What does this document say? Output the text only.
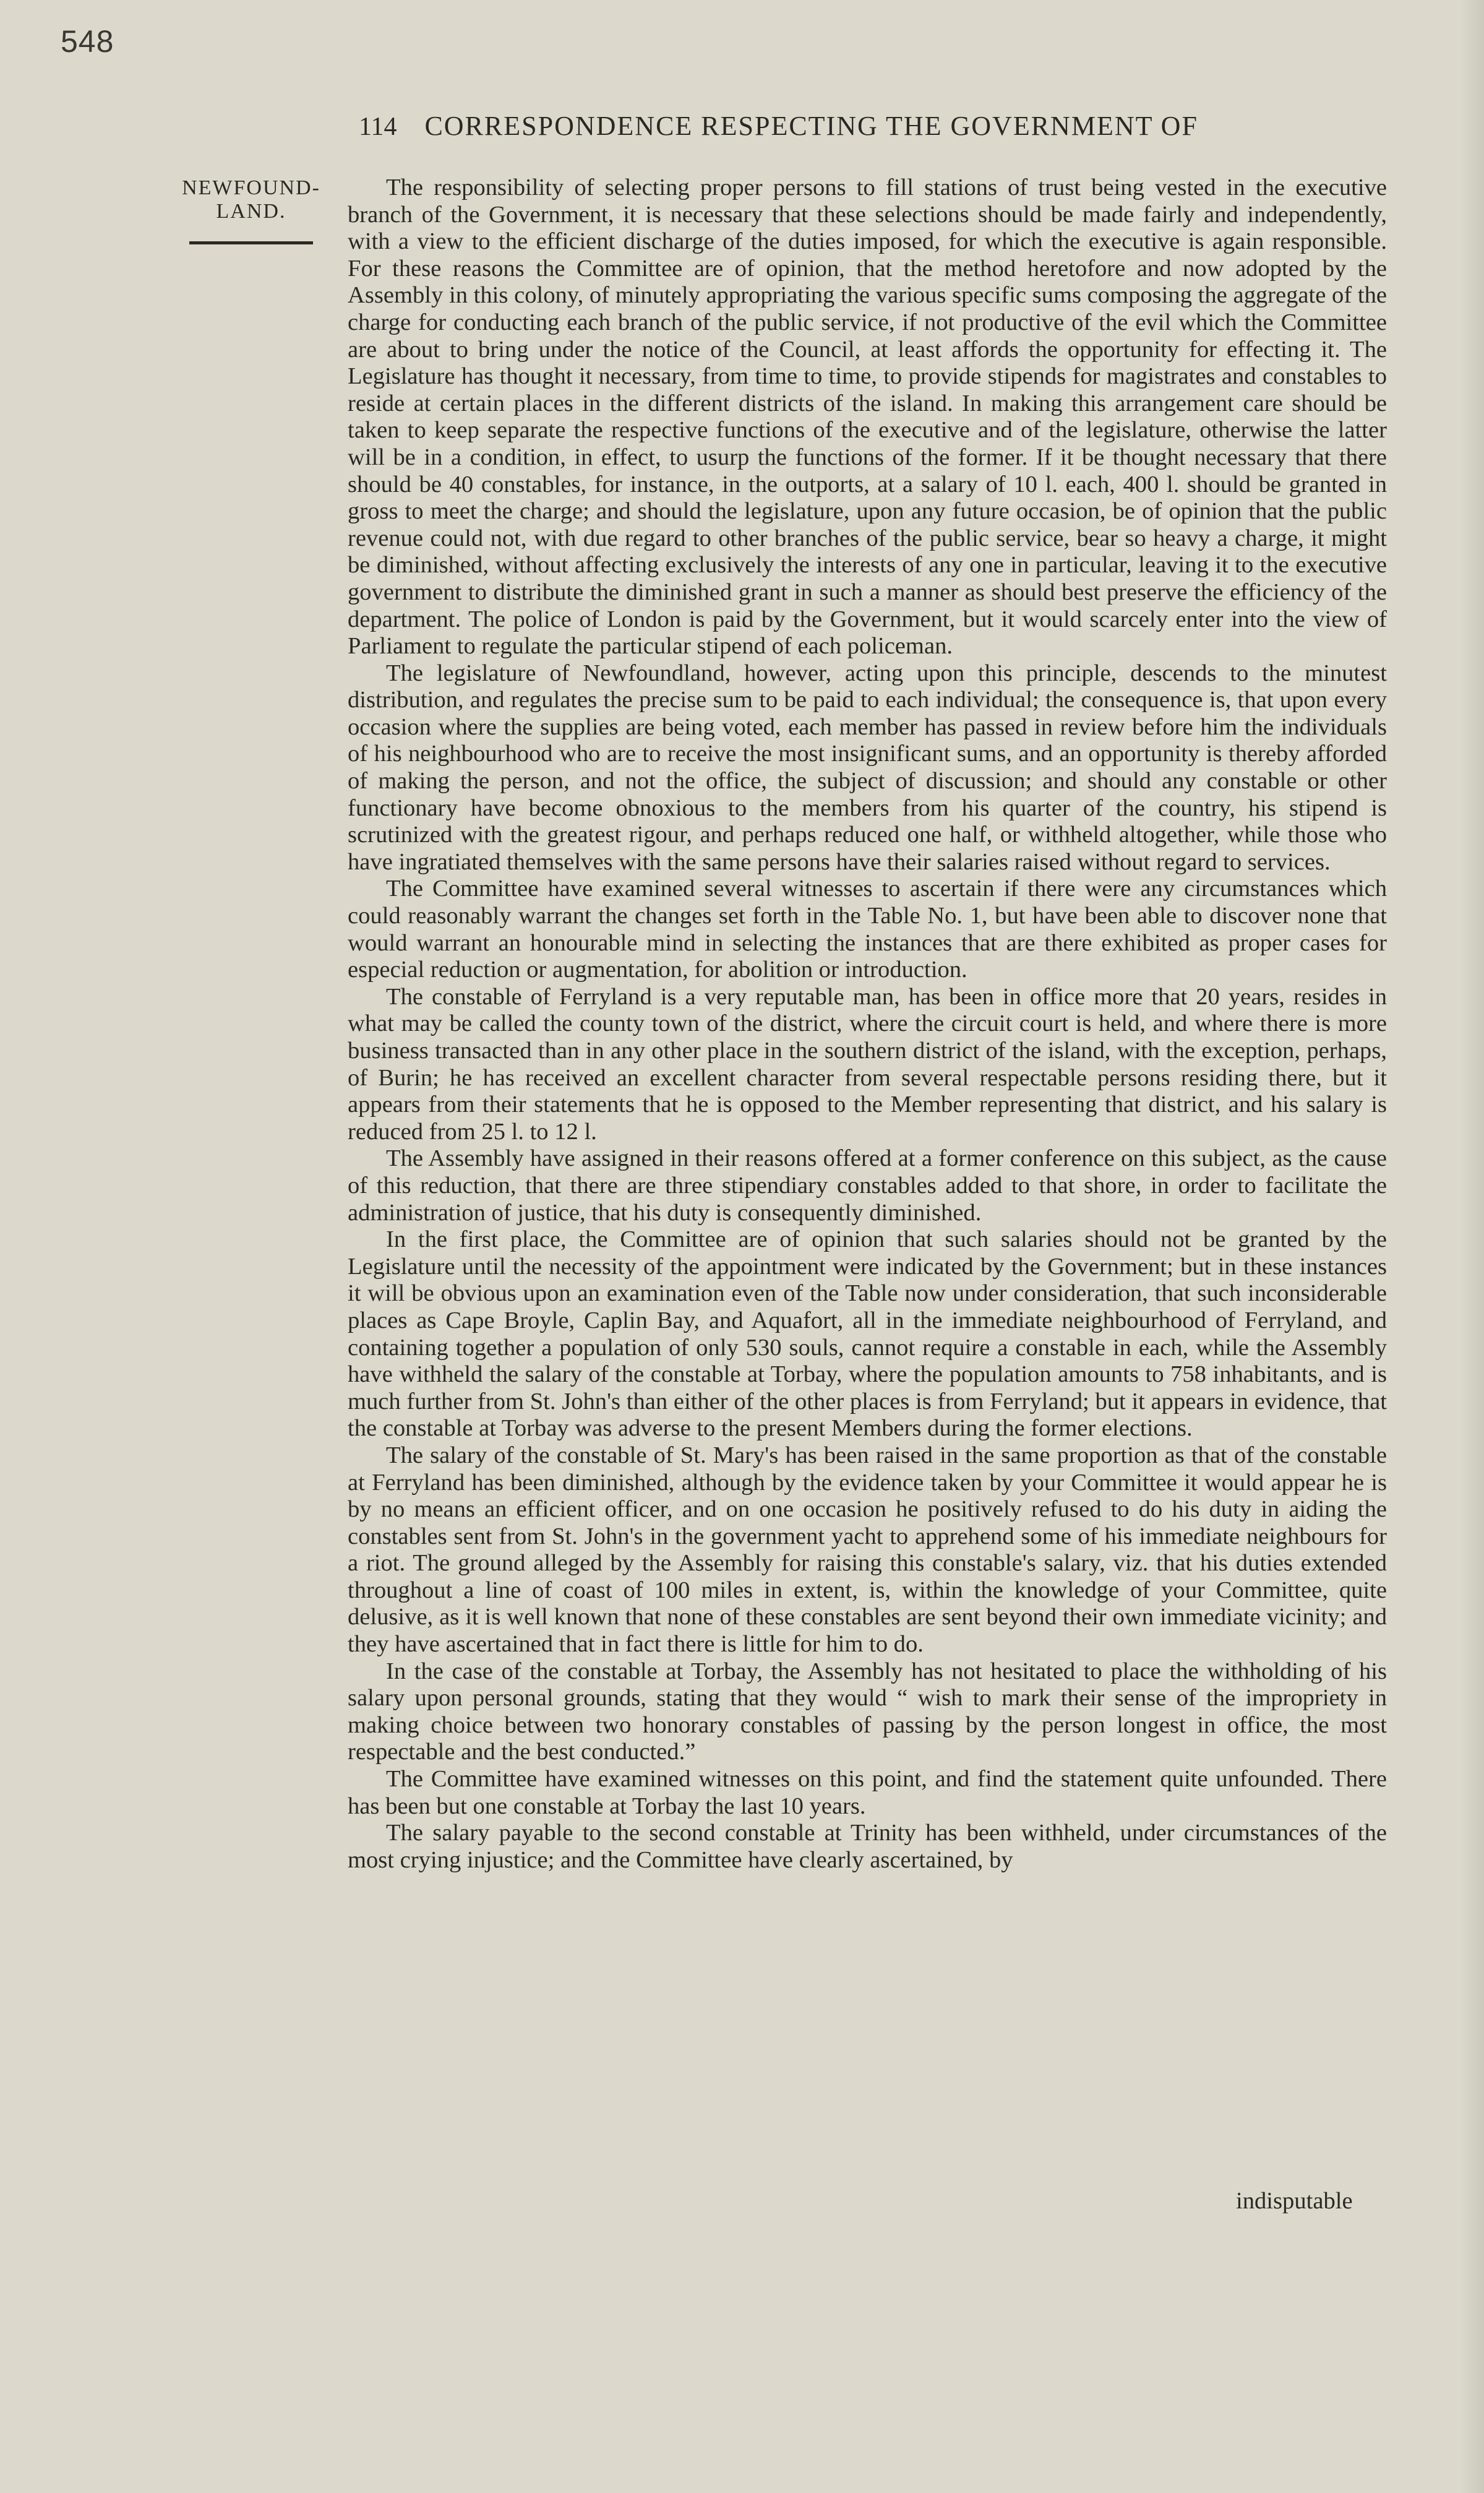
548
114 CORRESPONDENCE RESPECTING THE GOVERNMENT OF
NEWFOUND-
LAND.

The responsibility of selecting proper persons to fill stations of trust being vested in the executive branch of the Government, it is necessary that these selections should be made fairly and independently, with a view to the efficient discharge of the duties imposed, for which the executive is again responsible. For these reasons the Committee are of opinion, that the method heretofore and now adopted by the Assembly in this colony, of minutely appropriating the various specific sums composing the aggregate of the charge for conducting each branch of the public service, if not productive of the evil which the Committee are about to bring under the notice of the Council, at least affords the opportunity for effecting it. The Legislature has thought it necessary, from time to time, to provide stipends for magistrates and constables to reside at certain places in the different districts of the island. In making this arrangement care should be taken to keep separate the respective functions of the executive and of the legislature, otherwise the latter will be in a condition, in effect, to usurp the functions of the former. If it be thought necessary that there should be 40 constables, for instance, in the outports, at a salary of 10 l. each, 400 l. should be granted in gross to meet the charge; and should the legislature, upon any future occasion, be of opinion that the public revenue could not, with due regard to other branches of the public service, bear so heavy a charge, it might be diminished, without affecting exclusively the interests of any one in particular, leaving it to the executive government to distribute the diminished grant in such a manner as should best preserve the efficiency of the department. The police of London is paid by the Government, but it would scarcely enter into the view of Parliament to regulate the particular stipend of each policeman.

The legislature of Newfoundland, however, acting upon this principle, descends to the minutest distribution, and regulates the precise sum to be paid to each individual; the consequence is, that upon every occasion where the supplies are being voted, each member has passed in review before him the individuals of his neighbourhood who are to receive the most insignificant sums, and an opportunity is thereby afforded of making the person, and not the office, the subject of discussion; and should any constable or other functionary have become obnoxious to the members from his quarter of the country, his stipend is scrutinized with the greatest rigour, and perhaps reduced one half, or withheld altogether, while those who have ingratiated themselves with the same persons have their salaries raised without regard to services.

The Committee have examined several witnesses to ascertain if there were any circumstances which could reasonably warrant the changes set forth in the Table No. 1, but have been able to discover none that would warrant an honourable mind in selecting the instances that are there exhibited as proper cases for especial reduction or augmentation, for abolition or introduction.

The constable of Ferryland is a very reputable man, has been in office more that 20 years, resides in what may be called the county town of the district, where the circuit court is held, and where there is more business transacted than in any other place in the southern district of the island, with the exception, perhaps, of Burin; he has received an excellent character from several respectable persons residing there, but it appears from their statements that he is opposed to the Member representing that district, and his salary is reduced from 25 l. to 12 l.

The Assembly have assigned in their reasons offered at a former conference on this subject, as the cause of this reduction, that there are three stipendiary constables added to that shore, in order to facilitate the administration of justice, that his duty is consequently diminished.

In the first place, the Committee are of opinion that such salaries should not be granted by the Legislature until the necessity of the appointment were indicated by the Government; but in these instances it will be obvious upon an examination even of the Table now under consideration, that such inconsiderable places as Cape Broyle, Caplin Bay, and Aquafort, all in the immediate neighbourhood of Ferryland, and containing together a population of only 530 souls, cannot require a constable in each, while the Assembly have withheld the salary of the constable at Torbay, where the population amounts to 758 inhabitants, and is much further from St. John's than either of the other places is from Ferryland; but it appears in evidence, that the constable at Torbay was adverse to the present Members during the former elections.

The salary of the constable of St. Mary's has been raised in the same proportion as that of the constable at Ferryland has been diminished, although by the evidence taken by your Committee it would appear he is by no means an efficient officer, and on one occasion he positively refused to do his duty in aiding the constables sent from St. John's in the government yacht to apprehend some of his immediate neighbours for a riot. The ground alleged by the Assembly for raising this constable's salary, viz. that his duties extended throughout a line of coast of 100 miles in extent, is, within the knowledge of your Committee, quite delusive, as it is well known that none of these constables are sent beyond their own immediate vicinity; and they have ascertained that in fact there is little for him to do.

In the case of the constable at Torbay, the Assembly has not hesitated to place the withholding of his salary upon personal grounds, stating that they would “ wish to mark their sense of the impropriety in making choice between two honorary constables of passing by the person longest in office, the most respectable and the best conducted.”

The Committee have examined witnesses on this point, and find the statement quite unfounded. There has been but one constable at Torbay the last 10 years.

The salary payable to the second constable at Trinity has been withheld, under circumstances of the most crying injustice; and the Committee have clearly ascertained, by

indisputable
